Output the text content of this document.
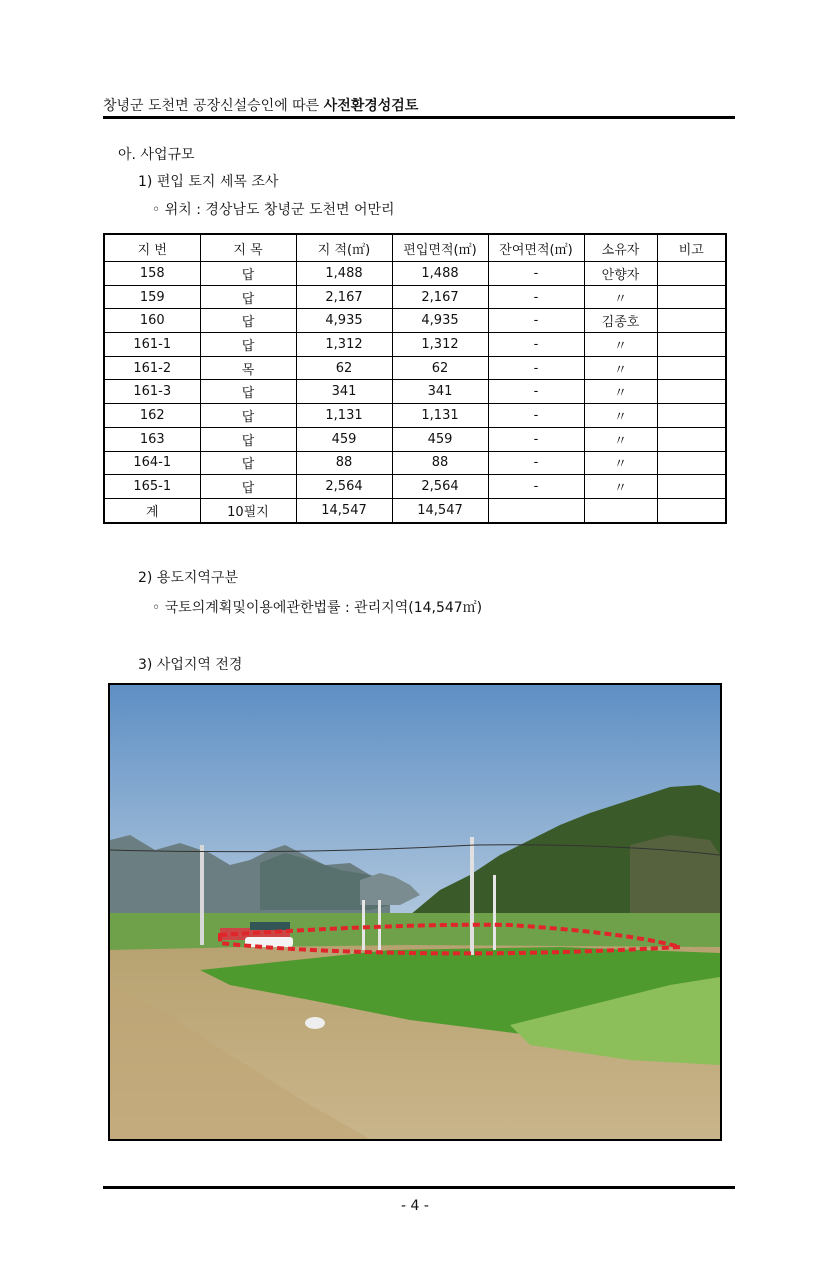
창녕군 도천면 공장신설승인에 따른 사전환경성검토
아. 사업규모
1) 편입 토지 세목 조사
◦ 위치 : 경상남도 창녕군 도천면 어만리
지 번	지 목	지 적(㎡)	편입면적(㎡)	잔여면적(㎡)	소유자	비고
158	답	1,488	1,488	-	안향자	
159	답	2,167	2,167	-	〃	
160	답	4,935	4,935	-	김종호	
161-1	답	1,312	1,312	-	〃	
161-2	목	62	62	-	〃	
161-3	답	341	341	-	〃	
162	답	1,131	1,131	-	〃	
163	답	459	459	-	〃	
164-1	답	88	88	-	〃	
165-1	답	2,564	2,564	-	〃	
계	10필지	14,547	14,547			
2) 용도지역구분
◦ 국토의계획및이용에관한법률 : 관리지역(14,547㎡)
3) 사업지역 전경
- 4 -
